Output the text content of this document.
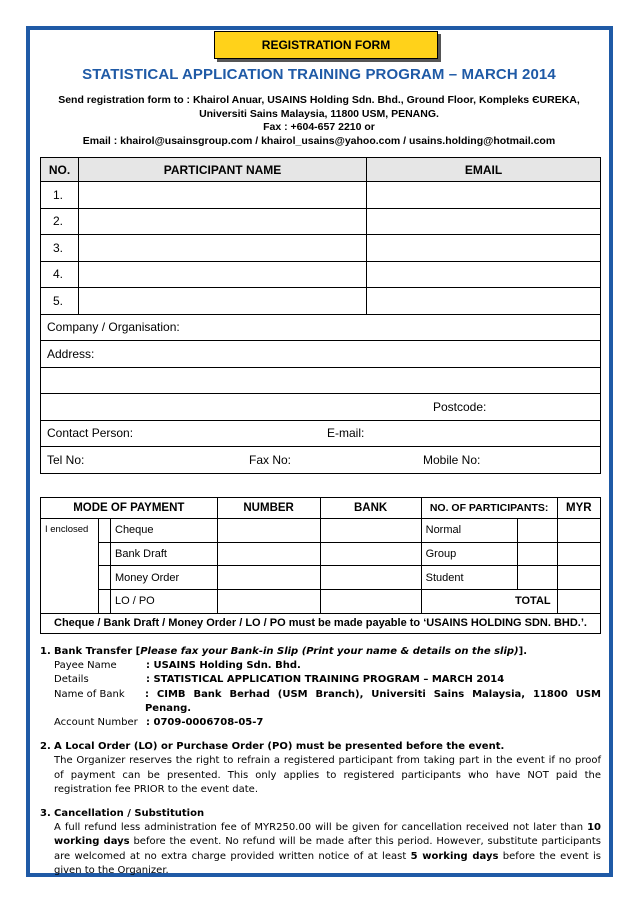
REGISTRATION FORM
STATISTICAL APPLICATION TRAINING PROGRAM – MARCH 2014
Send registration form to : Khairol Anuar, USAINS Holding Sdn. Bhd., Ground Floor, Kompleks ЄUREKA,
Universiti Sains Malaysia, 11800 USM, PENANG.
Fax : +604-657 2210 or
Email : khairol@usainsgroup.com / khairol_usains@yahoo.com / usains.holding@hotmail.com
NO.	PARTICIPANT NAME	EMAIL
1.		
2.		
3.		
4.		
5.		
Company / Organisation:		
Address:		

Postcode:		
Contact Person: E-mail:		
Tel No: Fax No: Mobile No:		
MODE OF PAYMENT			NUMBER	BANK	NO. OF PARTICIPANTS:		MYR
I enclosed		Cheque			Normal		
		Bank Draft			Group		
		Money Order			Student		
		LO / PO			TOTAL		
Cheque / Bank Draft / Money Order / LO / PO must be made payable to ‘USAINS HOLDING SDN. BHD.’.							
1. Bank Transfer [Please fax your Bank-in Slip (Print your name & details on the slip)].
Payee Name	: USAINS Holding Sdn. Bhd.
Details	: STATISTICAL APPLICATION TRAINING PROGRAM – MARCH 2014
Name of Bank	: CIMB Bank Berhad (USM Branch), Universiti Sains Malaysia, 11800 USM Penang.
Account Number : 0709-0006708-05-7
2. A Local Order (LO) or Purchase Order (PO) must be presented before the event.
The Organizer reserves the right to refrain a registered participant from taking part in the event if no proof of payment can be presented. This only applies to registered participants who have NOT paid the registration fee PRIOR to the event date.
3. Cancellation / Substitution
A full refund less administration fee of MYR250.00 will be given for cancellation received not later than 10 working days before the event. No refund will be made after this period. However, substitute participants are welcomed at no extra charge provided written notice of at least 5 working days before the event is given to the Organizer.
